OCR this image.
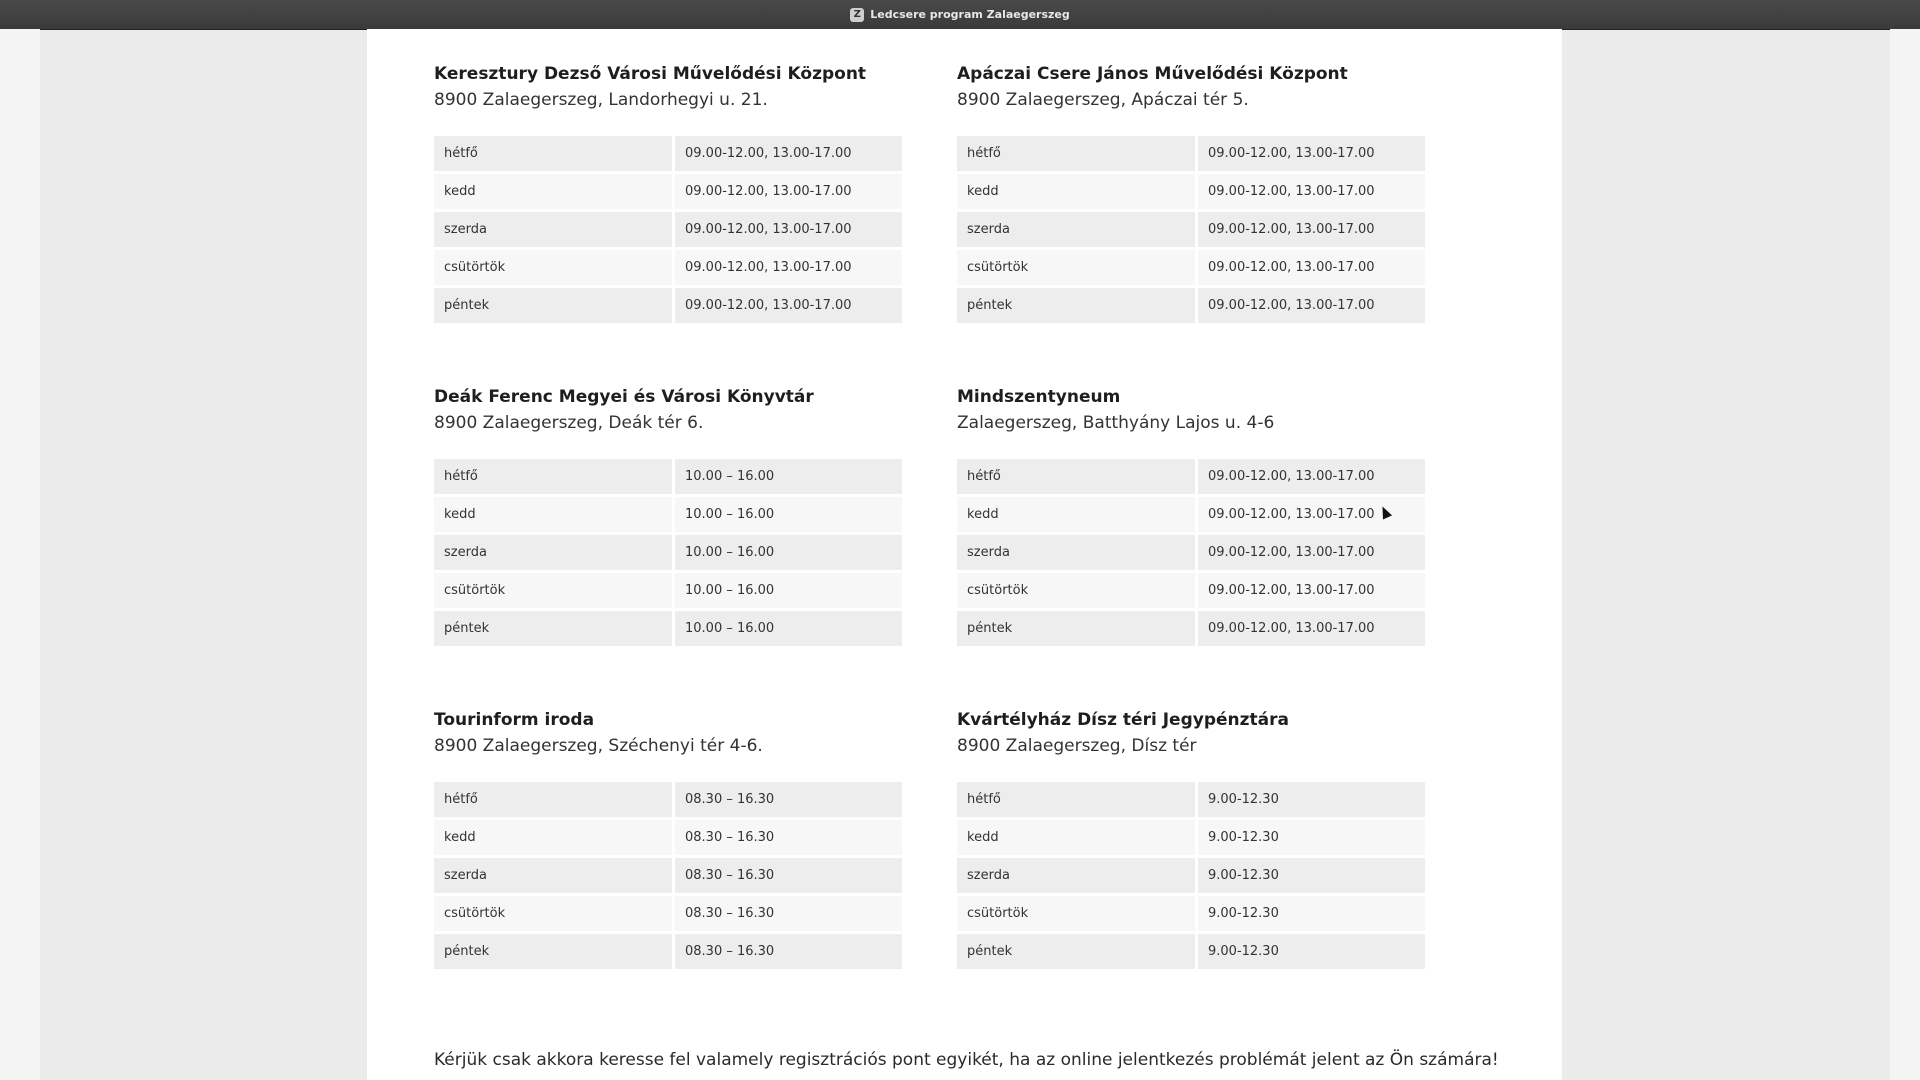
Z Ledcsere program Zalaegerszeg
Keresztury Dezső Városi Művelődési Központ
8900 Zalaegerszeg, Landorhegyi u. 21.
hétfő	09.00-12.00, 13.00-17.00
kedd	09.00-12.00, 13.00-17.00
szerda	09.00-12.00, 13.00-17.00
csütörtök	09.00-12.00, 13.00-17.00
péntek	09.00-12.00, 13.00-17.00
Apáczai Csere János Művelődési Központ
8900 Zalaegerszeg, Apáczai tér 5.
hétfő	09.00-12.00, 13.00-17.00
kedd	09.00-12.00, 13.00-17.00
szerda	09.00-12.00, 13.00-17.00
csütörtök	09.00-12.00, 13.00-17.00
péntek	09.00-12.00, 13.00-17.00
Deák Ferenc Megyei és Városi Könyvtár
8900 Zalaegerszeg, Deák tér 6.
hétfő	10.00 – 16.00
kedd	10.00 – 16.00
szerda	10.00 – 16.00
csütörtök	10.00 – 16.00
péntek	10.00 – 16.00
Mindszentyneum
Zalaegerszeg, Batthyány Lajos u. 4-6
hétfő	09.00-12.00, 13.00-17.00
kedd	09.00-12.00, 13.00-17.00
szerda	09.00-12.00, 13.00-17.00
csütörtök	09.00-12.00, 13.00-17.00
péntek	09.00-12.00, 13.00-17.00
Tourinform iroda
8900 Zalaegerszeg, Széchenyi tér 4-6.
hétfő	08.30 – 16.30
kedd	08.30 – 16.30
szerda	08.30 – 16.30
csütörtök	08.30 – 16.30
péntek	08.30 – 16.30
Kvártélyház Dísz téri Jegypénztára
8900 Zalaegerszeg, Dísz tér
hétfő	9.00-12.30
kedd	9.00-12.30
szerda	9.00-12.30
csütörtök	9.00-12.30
péntek	9.00-12.30
Kérjük csak akkora keresse fel valamely regisztrációs pont egyikét, ha az online jelentkezés problémát jelent az Ön számára!
